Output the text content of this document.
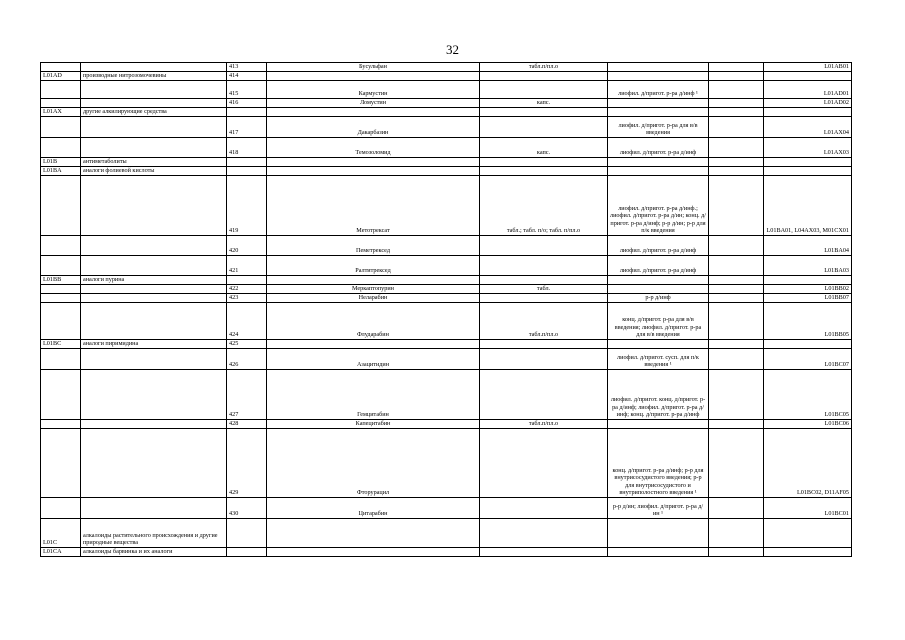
32
		413	Бусульфан	табл.п/пл.о			L01AB01
L01AD	производные нитрозомочевины	414					
		415	Кармустин		лиофил. д/пригот. р-ра д/инф ¹		L01AD01
		416	Ломустин	капс.			L01AD02
L01AX	другие алкилирующие средства						
		417	Дакарбазин		лиофил. д/пригот. р-ра для в/в введения		L01AX04
		418	Темозоломид	капс.	лиофил. д/пригот. р-ра д/инф		L01AX03
L01B	антиметаболиты						
L01BA	аналоги фолиевой кислоты						
		419	Метотрексат	табл.; табл. п/о; табл. п/пл.о	лиофил. д/пригот. р-ра д/инф.; лиофил. д/пригот. р-ра д/ин; конц. д/пригот. р-ра д/инф; р-р д/ин; р-р для п/к введения		L01BA01, L04AX03, M01CX01
		420	Пеметрексед		лиофил. д/пригот. р-ра д/инф		L01BA04
		421	Ралтитрексед		лиофил. д/пригот. р-ра д/инф		L01BA03
L01BB	аналоги пурина						
		422	Меркаптопурин	табл.			L01BB02
		423	Неларабин		р-р д/инф		L01BB07
		424	Флударабин	табл.п/пл.о	конц. д/пригот. р-ра для в/в введения; лиофил. д/пригот. р-ра для в/в введения		L01BB05
L01BC	аналоги пиримидина	425					
		426	Азацитидин		лиофил. д/пригот. сусп. для п/к введения ¹		L01BC07
		427	Гемцитабин		лиофил. д/пригот. конц. д/пригот. р-ра д/инф; лиофил. д/пригот. р-ра д/инф; конц. д/пригот. р-ра д/инф		L01BC05
		428	Капецитабин	табл.п/пл.о			L01BC06
		429	Фторурацил		конц. д/пригот. р-ра д/инф; р-р для внутрисосудистого введения; р-р для внутрисосудистого и внутриполостного введения ¹		L01BC02, D11AF05
		430	Цитарабин		р-р д/ин; лиофил. д/пригот. р-ра д/ин ¹		L01BC01
L01C	алкалоиды растительного происхождения и другие природные вещества						
L01CA	алкалоиды барвинка и их аналоги						
